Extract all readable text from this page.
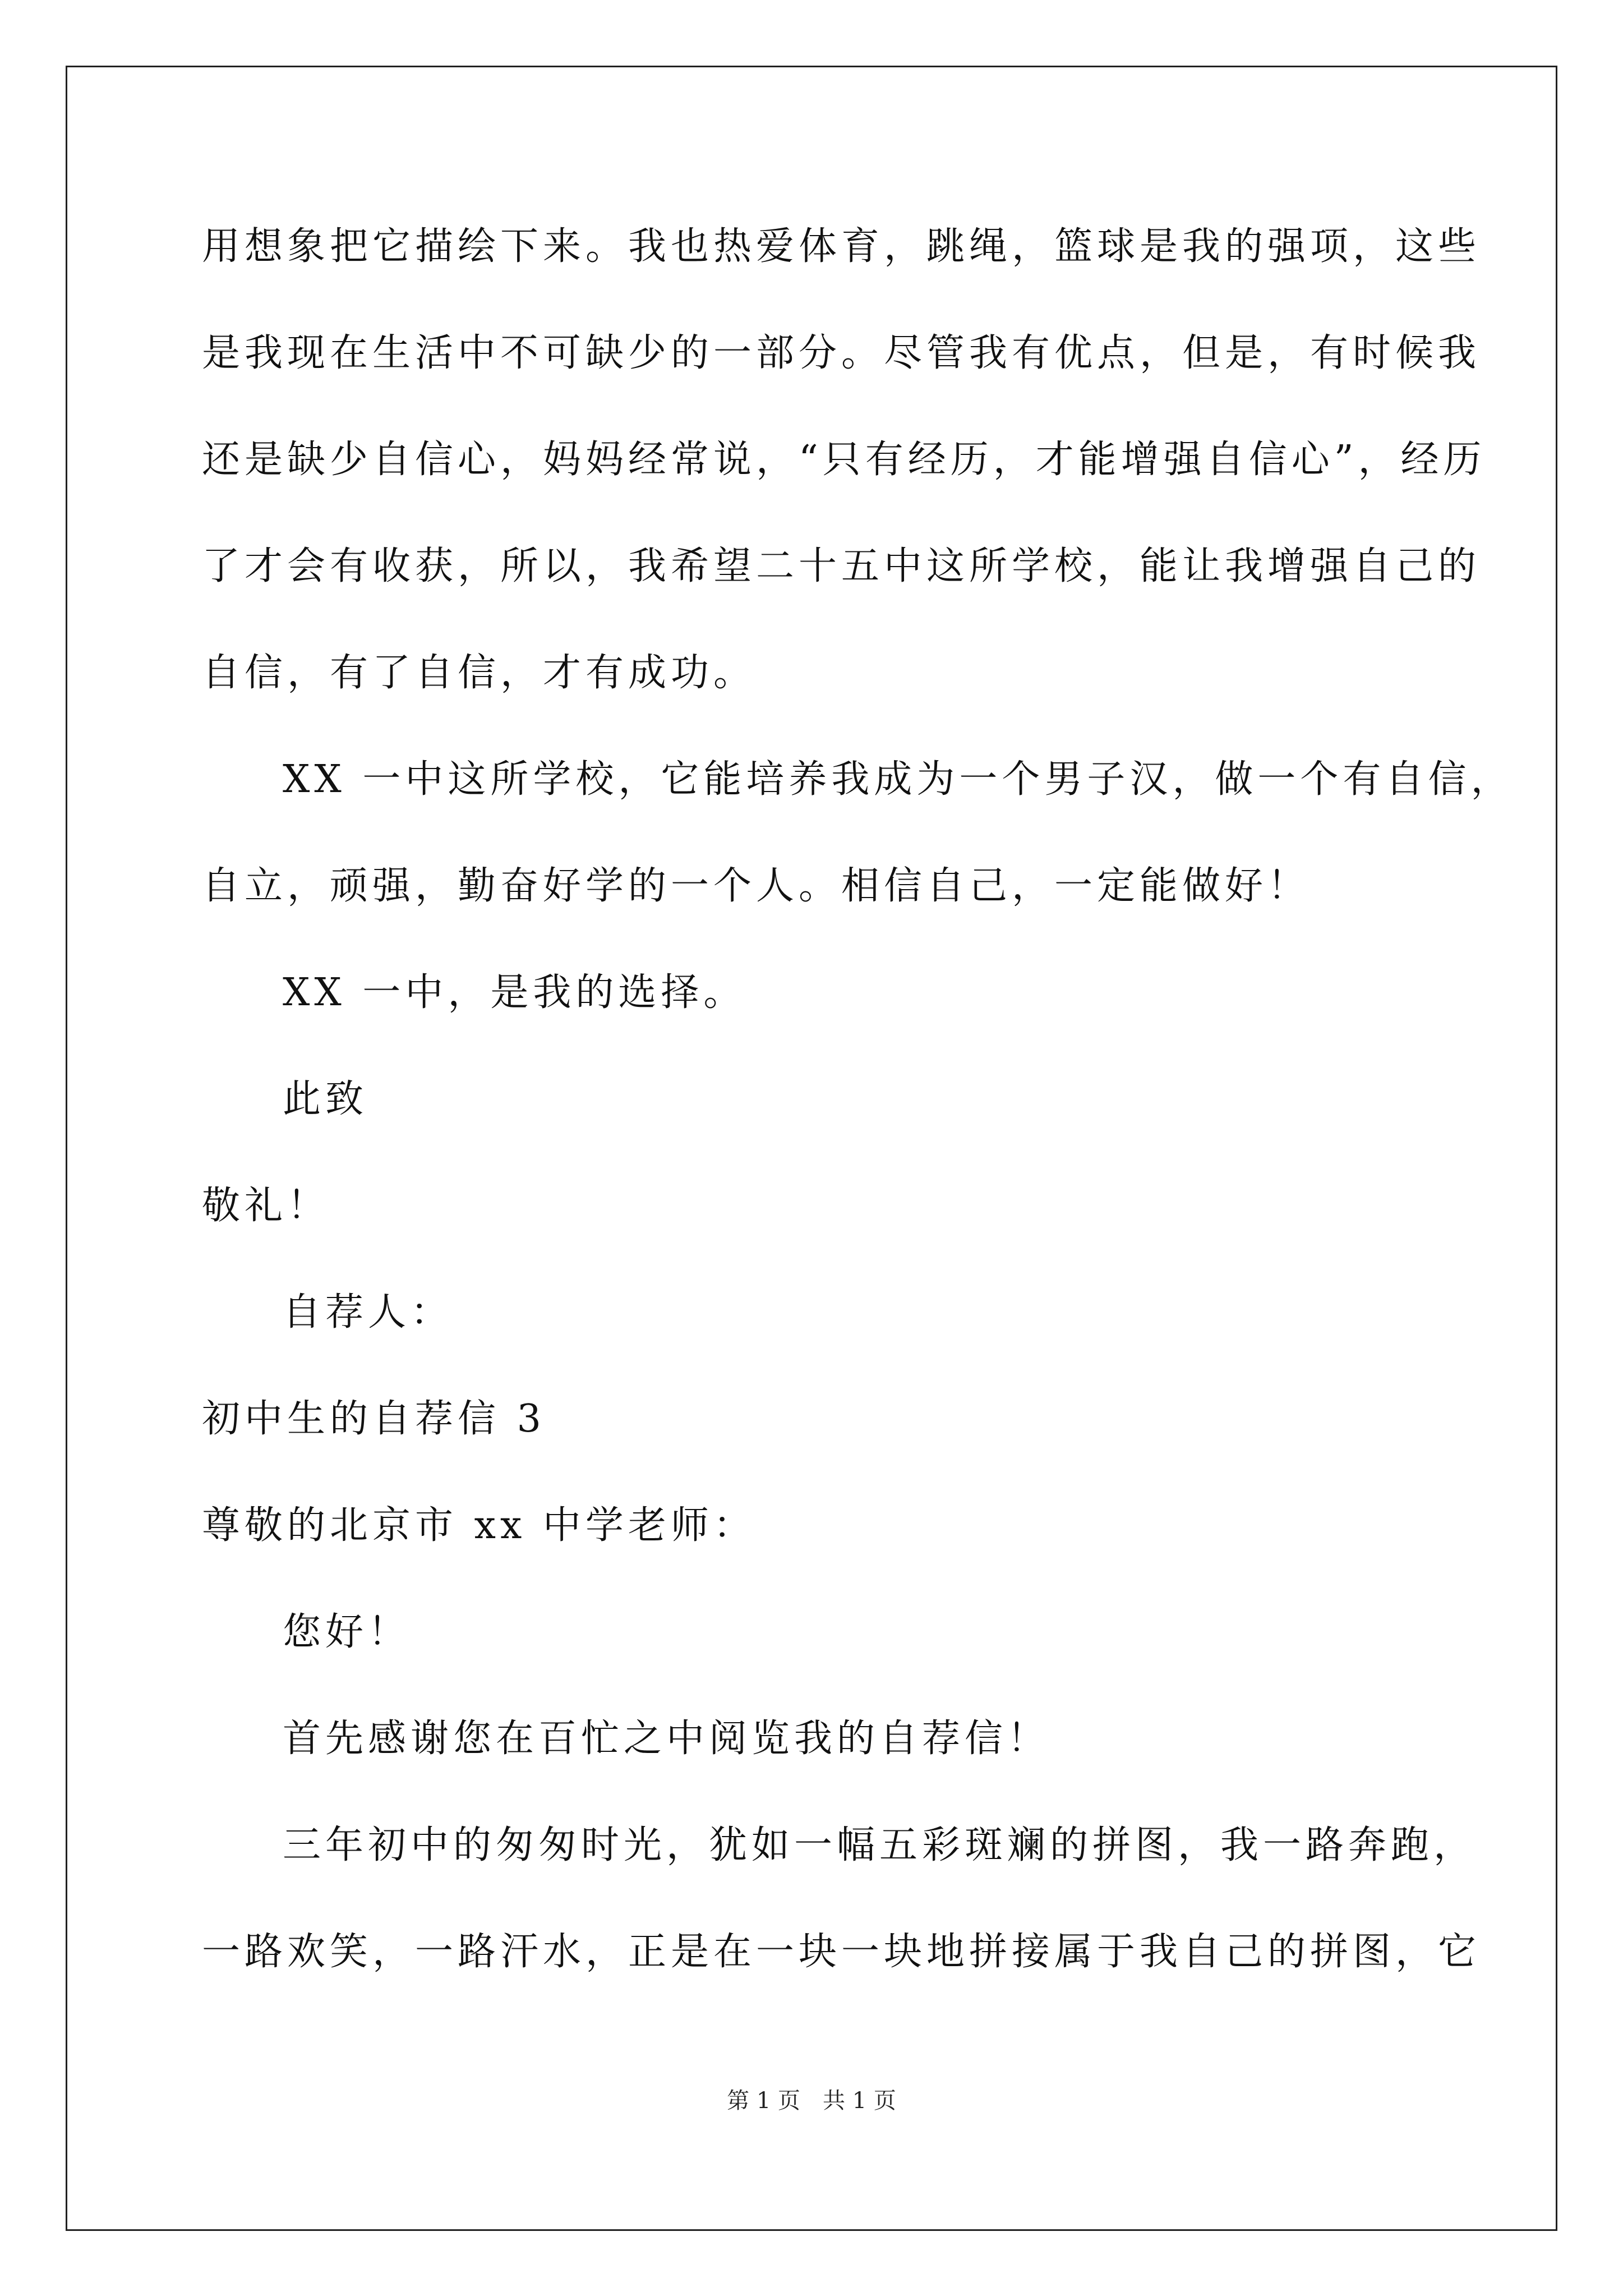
用想象把它描绘下来。我也热爱体育，跳绳，篮球是我的强项，这些
是我现在生活中不可缺少的一部分。尽管我有优点，但是，有时候我
还是缺少自信心，妈妈经常说，“只有经历，才能增强自信心”，经历
了才会有收获，所以，我希望二十五中这所学校，能让我增强自己的
自信，有了自信，才有成功。
XX 一中这所学校，它能培养我成为一个男子汉，做一个有自信，
自立，顽强，勤奋好学的一个人。相信自己，一定能做好！
XX 一中，是我的选择。
此致
敬礼！
自荐人：
初中生的自荐信 3
尊敬的北京市 xx 中学老师：
您好！
首先感谢您在百忙之中阅览我的自荐信！
三年初中的匆匆时光，犹如一幅五彩斑斓的拼图，我一路奔跑，
一路欢笑，一路汗水，正是在一块一块地拼接属于我自己的拼图，它
第 1 页　共 1 页
